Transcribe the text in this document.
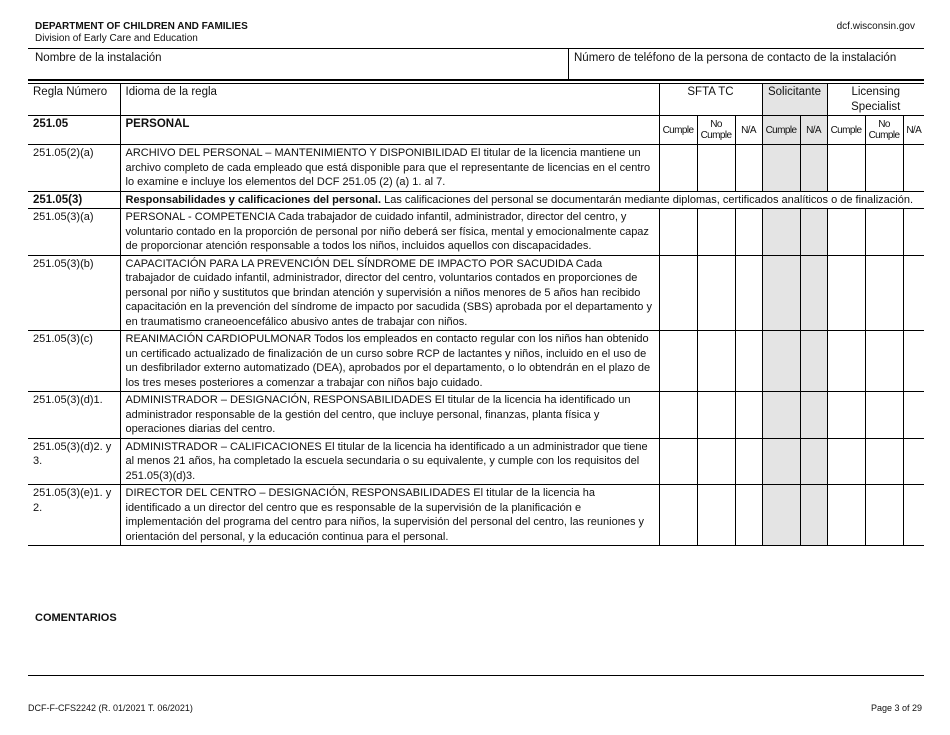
DEPARTMENT OF CHILDREN AND FAMILIES
Division of Early Care and Education
dcf.wisconsin.gov
Nombre de la instalación	Número de teléfono de la persona de contacto de la instalación
Regla Número	Idioma de la regla	SFTA TC			Solicitante		Licensing Specialist		
251.05	PERSONAL	Cumple	No Cumple	N/A	Cumple	N/A	Cumple	No Cumple	N/A
251.05(2)(a)	ARCHIVO DEL PERSONAL – MANTENIMIENTO Y DISPONIBILIDAD El titular de la licencia mantiene un archivo completo de cada empleado que está disponible para que el representante de licencias en el centro lo examine e incluye los elementos del DCF 251.05 (2) (a) 1. al 7.								
251.05(3)	Responsabilidades y calificaciones del personal. Las calificaciones del personal se documentarán mediante diplomas, certificados analíticos o de finalización.								
251.05(3)(a)	PERSONAL - COMPETENCIA Cada trabajador de cuidado infantil, administrador, director del centro, y voluntario contado en la proporción de personal por niño deberá ser física, mental y emocionalmente capaz de proporcionar atención responsable a todos los niños, incluidos aquellos con discapacidades.								
251.05(3)(b)	CAPACITACIÓN PARA LA PREVENCIÓN DEL SÍNDROME DE IMPACTO POR SACUDIDA Cada trabajador de cuidado infantil, administrador, director del centro, voluntarios contados en proporciones de personal por niño y sustitutos que brindan atención y supervisión a niños menores de 5 años han recibido capacitación en la prevención del síndrome de impacto por sacudida (SBS) aprobada por el departamento y en traumatismo craneoencefálico abusivo antes de trabajar con niños.								
251.05(3)(c)	REANIMACIÓN CARDIOPULMONAR Todos los empleados en contacto regular con los niños han obtenido un certificado actualizado de finalización de un curso sobre RCP de lactantes y niños, incluido en el uso de un desfibrilador externo automatizado (DEA), aprobados por el departamento, o lo obtendrán en el plazo de los tres meses posteriores a comenzar a trabajar con niños bajo cuidado.								
251.05(3)(d)1.	ADMINISTRADOR – DESIGNACIÓN, RESPONSABILIDADES El titular de la licencia ha identificado un administrador responsable de la gestión del centro, que incluye personal, finanzas, planta física y operaciones diarias del centro.								
251.05(3)(d)2. y 3.	ADMINISTRADOR – CALIFICACIONES El titular de la licencia ha identificado a un administrador que tiene al menos 21 años, ha completado la escuela secundaria o su equivalente, y cumple con los requisitos del 251.05(3)(d)3.								
251.05(3)(e)1. y 2.	DIRECTOR DEL CENTRO – DESIGNACIÓN, RESPONSABILIDADES El titular de la licencia ha identificado a un director del centro que es responsable de la supervisión de la planificación e implementación del programa del centro para niños, la supervisión del personal del centro, las reuniones y orientación del personal, y la educación continua para el personal.								
COMENTARIOS
DCF-F-CFS2242 (R. 01/2021 T. 06/2021)	Page 3 of 29
